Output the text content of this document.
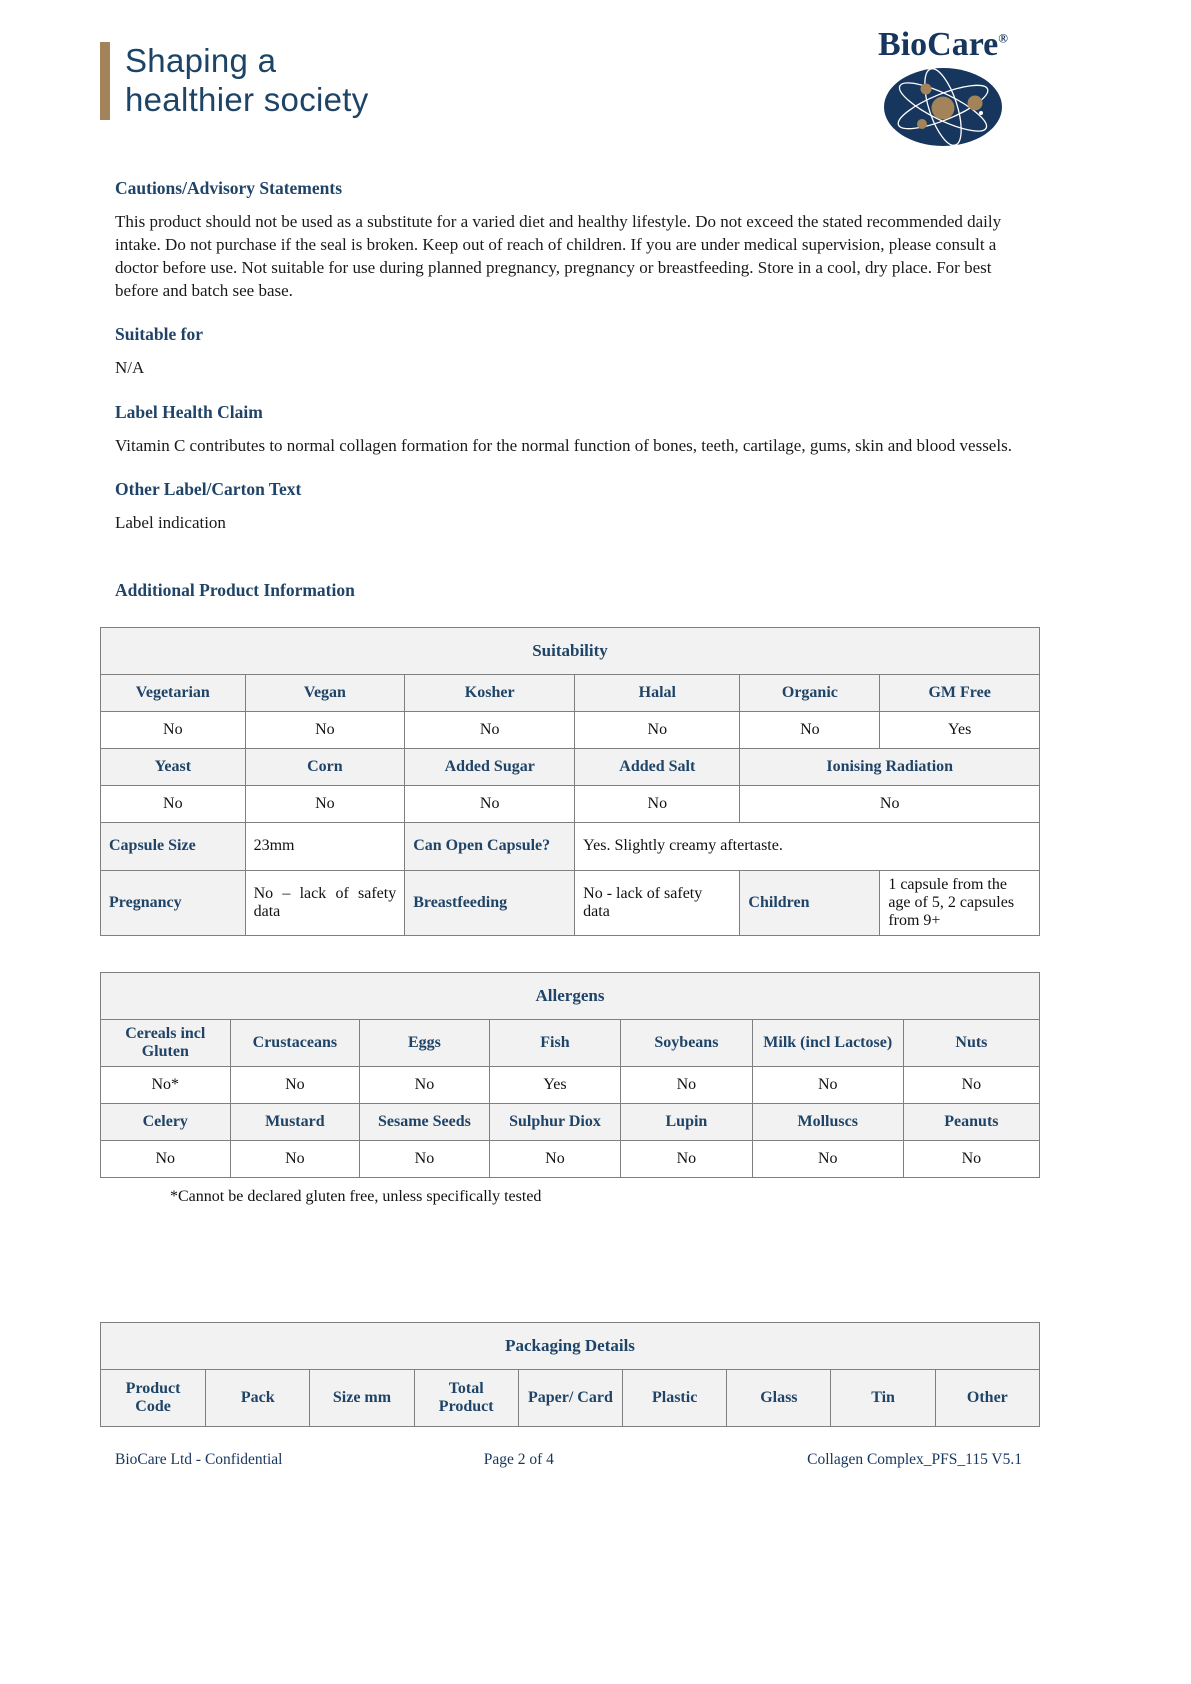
Shaping a
healthier society
BioCare®
Cautions/Advisory Statements

This product should not be used as a substitute for a varied diet and healthy lifestyle. Do not exceed the stated recommended daily intake. Do not purchase if the seal is broken. Keep out of reach of children. If you are under medical supervision, please consult a doctor before use. Not suitable for use during planned pregnancy, pregnancy or breastfeeding. Store in a cool, dry place. For best before and batch see base.

Suitable for

N/A

Label Health Claim

Vitamin C contributes to normal collagen formation for the normal function of bones, teeth, cartilage, gums, skin and blood vessels.

Other Label/Carton Text

Label indication

Additional Product Information
Suitability					
Vegetarian	Vegan	Kosher	Halal	Organic	GM Free
No	No	No	No	No	Yes
Yeast	Corn	Added Sugar	Added Salt	Ionising Radiation	
No	No	No	No	No	
Capsule Size	23mm	Can Open Capsule?	Yes. Slightly creamy aftertaste.		
Pregnancy	No – lack of safety data	Breastfeeding	No - lack of safety data	Children	1 capsule from the age of 5, 2 capsules from 9+
Allergens						
Cereals incl Gluten	Crustaceans	Eggs	Fish	Soybeans	Milk (incl Lactose)	Nuts
No*	No	No	Yes	No	No	No
Celery	Mustard	Sesame Seeds	Sulphur Diox	Lupin	Molluscs	Peanuts
No	No	No	No	No	No	No
*Cannot be declared gluten free, unless specifically tested
Packaging Details
Product Code	Pack	Size mm	Total Product	Paper/ Card	Plastic	Glass	Tin	Other
BioCare Ltd - Confidential	Page 2 of 4	Collagen Complex_PFS_115 V5.1
